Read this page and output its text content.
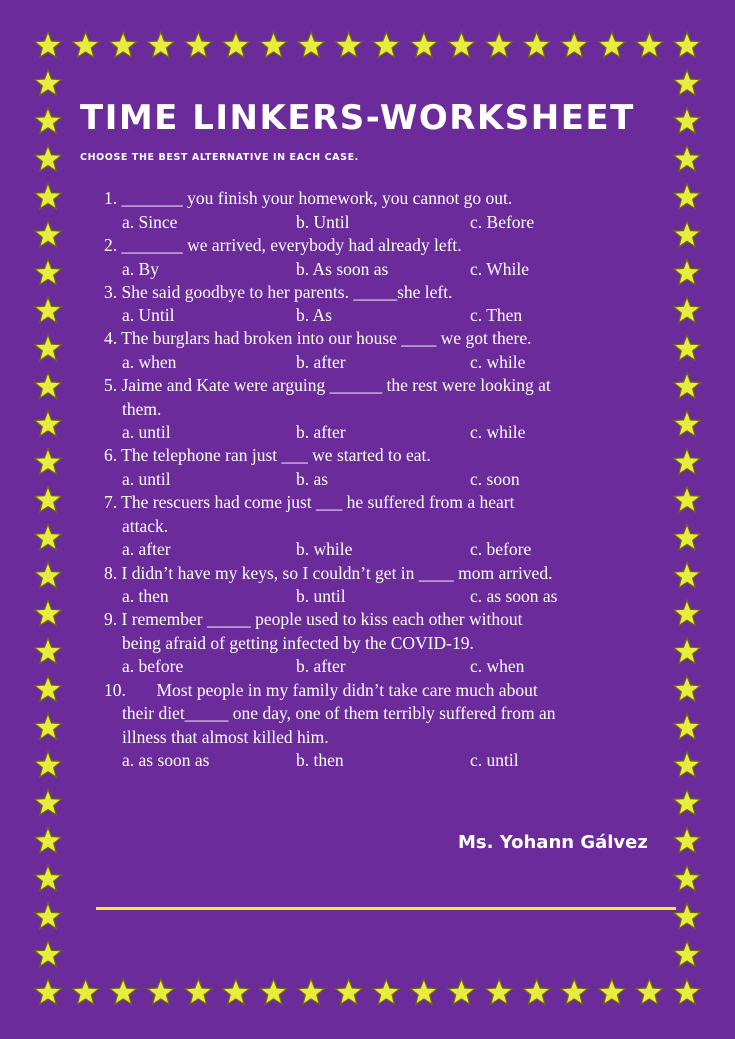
TIME LINKERS-WORKSHEET
CHOOSE THE BEST ALTERNATIVE IN EACH CASE.
1. _______ you finish your homework, you cannot go out.
a. Since	b. Until	c. Before
2. _______ we arrived, everybody had already left.
a. By	b. As soon as	c. While
3. She said goodbye to her parents. _____she left.
a. Until	b. As	c. Then
4. The burglars had broken into our house ____ we got there.
a. when	b. after	c. while
5. Jaime and Kate were arguing ______ the rest were looking at
them.
a. until	b. after	c. while
6. The telephone ran just ___ we started to eat.
a. until	b. as	c. soon
7. The rescuers had come just ___ he suffered from a heart
attack.
a. after	b. while	c. before
8. I didn’t have my keys, so I couldn’t get in ____ mom arrived.
a. then	b. until	c. as soon as
9. I remember _____ people used to kiss each other without
being afraid of getting infected by the COVID-19.
a. before	b. after	c. when
10.       Most people in my family didn’t take care much about
their diet_____ one day, one of them terribly suffered from an
illness that almost killed him.
a. as soon as	b. then	c. until
Ms. Yohann Gálvez
